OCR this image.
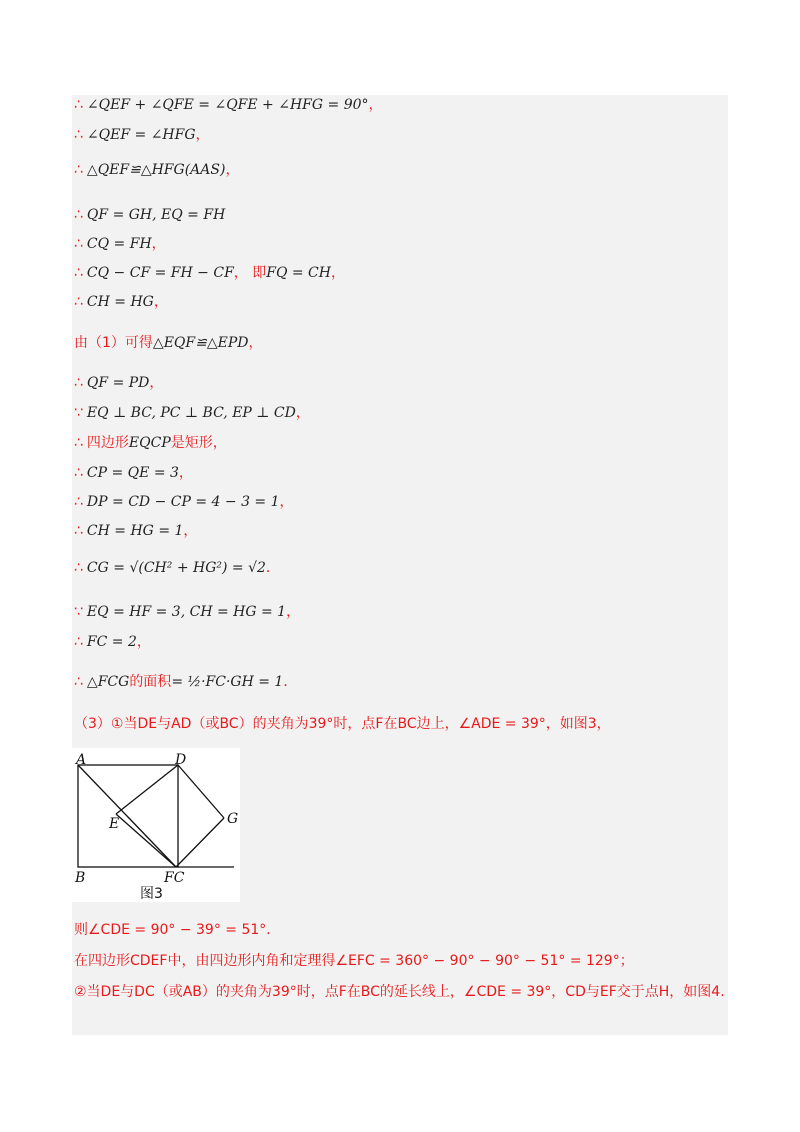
∴ ∠QEF + ∠QFE = ∠QFE + ∠HFG = 90°，
∴ ∠QEF = ∠HFG，
∴ △QEF≌△HFG(AAS)，
∴ QF = GH, EQ = FH
∴ CQ = FH，
∴ CQ − CF = FH − CF， 即FQ = CH，
∴ CH = HG，
由（1）可得△EQF≌△EPD，
∴ QF = PD，
∵ EQ ⊥ BC, PC ⊥ BC, EP ⊥ CD，
∴ 四边形EQCP是矩形，
∴ CP = QE = 3，
∴ DP = CD − CP = 4 − 3 = 1，
∴ CH = HG = 1，
∴ CG = √(CH² + HG²) = √2．
∵ EQ = HF = 3, CH = HG = 1，
∴ FC = 2，
∴ △FCG的面积= ½·FC·GH = 1．
（3）①当DE与AD（或BC）的夹角为39°时，点F在BC边上，∠ADE = 39°，如图3，
A	D
E	G
B	FC
图3
则∠CDE = 90° − 39° = 51°．
在四边形CDEF中，由四边形内角和定理得∠EFC = 360° − 90° − 90° − 51° = 129°；
②当DE与DC（或AB）的夹角为39°时，点F在BC的延长线上，∠CDE = 39°，CD与EF交于点H，如图4.
